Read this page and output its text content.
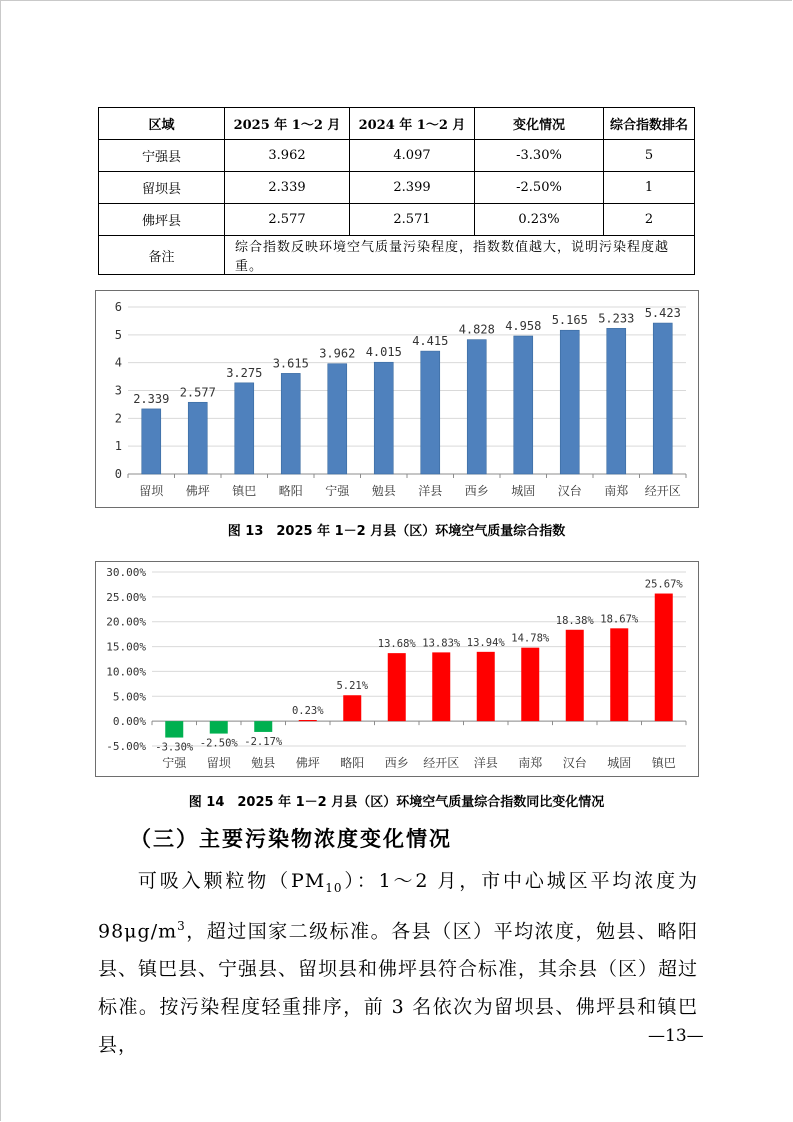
区域	2025 年 1～2 月	2024 年 1～2 月	变化情况	综合指数排名
宁强县	3.962	4.097	-3.30%	5
留坝县	2.339	2.399	-2.50%	1
佛坪县	2.577	2.571	0.23%	2
备注	综合指数反映环境空气质量污染程度，指数数值越大，说明污染程度越重。			
0
1
2
3
4
5
6
2.339
留坝
2.577
佛坪
3.275
镇巴
3.615
略阳
3.962
宁强
4.015
勉县
4.415
洋县
4.828
西乡
4.958
城固
5.165
汉台
5.233
南郑
5.423
经开区
图 13　2025 年 1－2 月县（区）环境空气质量综合指数
-5.00%
0.00%
5.00%
10.00%
15.00%
20.00%
25.00%
30.00%
-3.30%
宁强
-2.50%
留坝
-2.17%
勉县
0.23%
佛坪
5.21%
略阳
13.68%
西乡
13.83%
经开区
13.94%
洋县
14.78%
南郑
18.38%
汉台
18.67%
城固
25.67%
镇巴
图 14　2025 年 1－2 月县（区）环境空气质量综合指数同比变化情况
（三）主要污染物浓度变化情况
可吸入颗粒物$(PM_{10})$：1～2 月，市中心城区平均浓度为 $98\mu g/m^3$，超过国家二级标准。各县（区）平均浓度，勉县、略阳县、镇巴县、宁强县、留坝县和佛坪县符合标准，其余县（区）超过标准。按污染程度轻重排序，前 3 名依次为留坝县、佛坪县和镇巴县，	—13—
